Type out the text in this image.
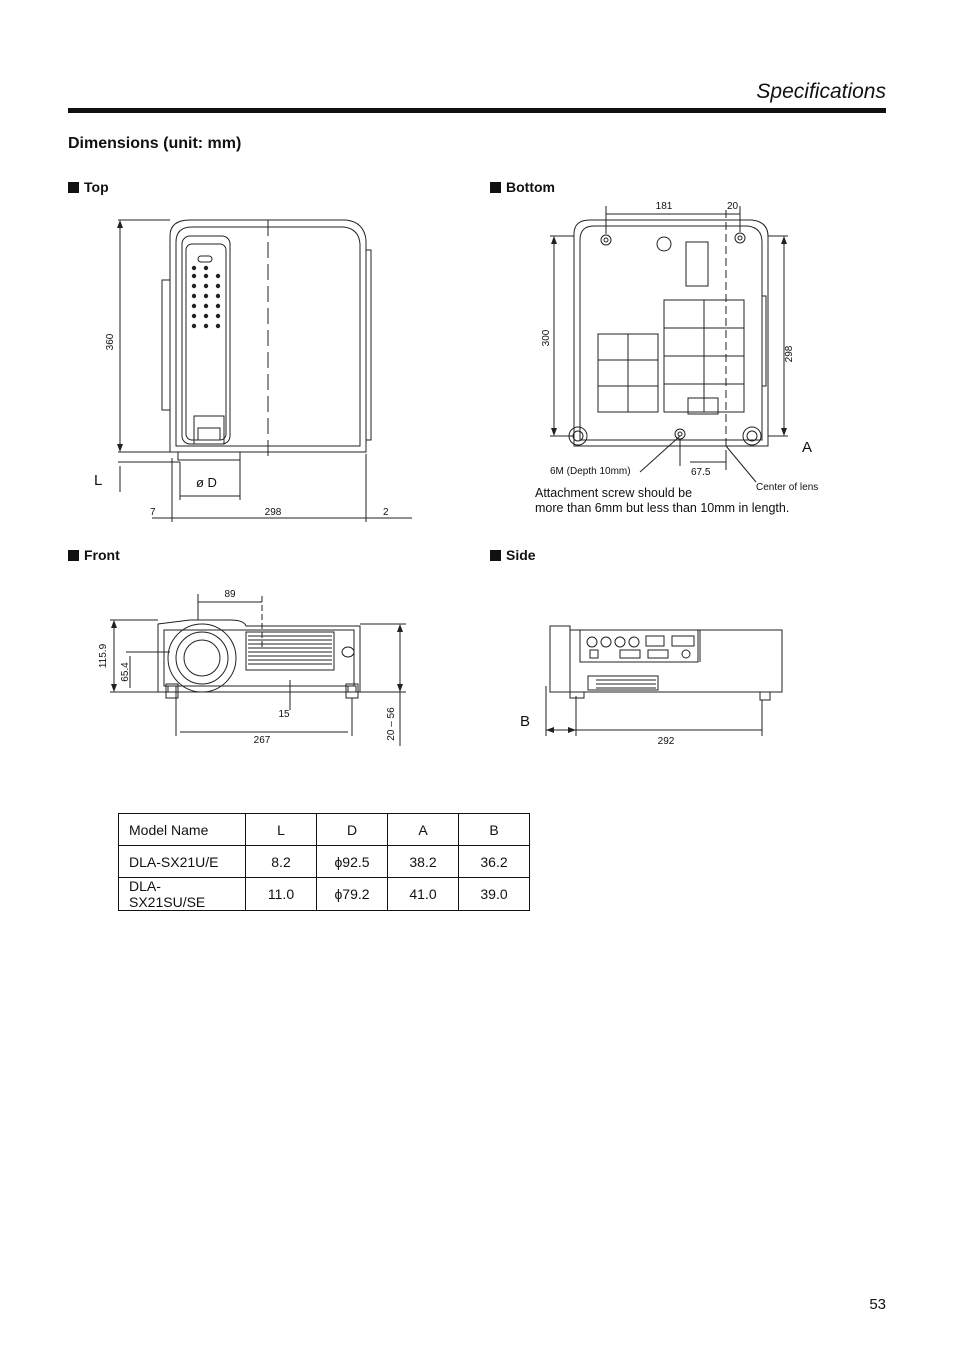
Specifications
Dimensions (unit: mm)
Top	Bottom
Front	Side
360
L	ø D
7	298	2
181	20
300
298
A
67.5
6M (Depth 10mm)
Center of lens
Attachment screw should be
more than 6mm but less than 10mm in length.
89
115.9
65.4
15
267	20 – 56	B
292
Model Name	L	D	A	B
DLA-SX21U/E	8.2	ϕ92.5	38.2	36.2
DLA-SX21SU/SE	11.0	ϕ79.2	41.0	39.0
53
